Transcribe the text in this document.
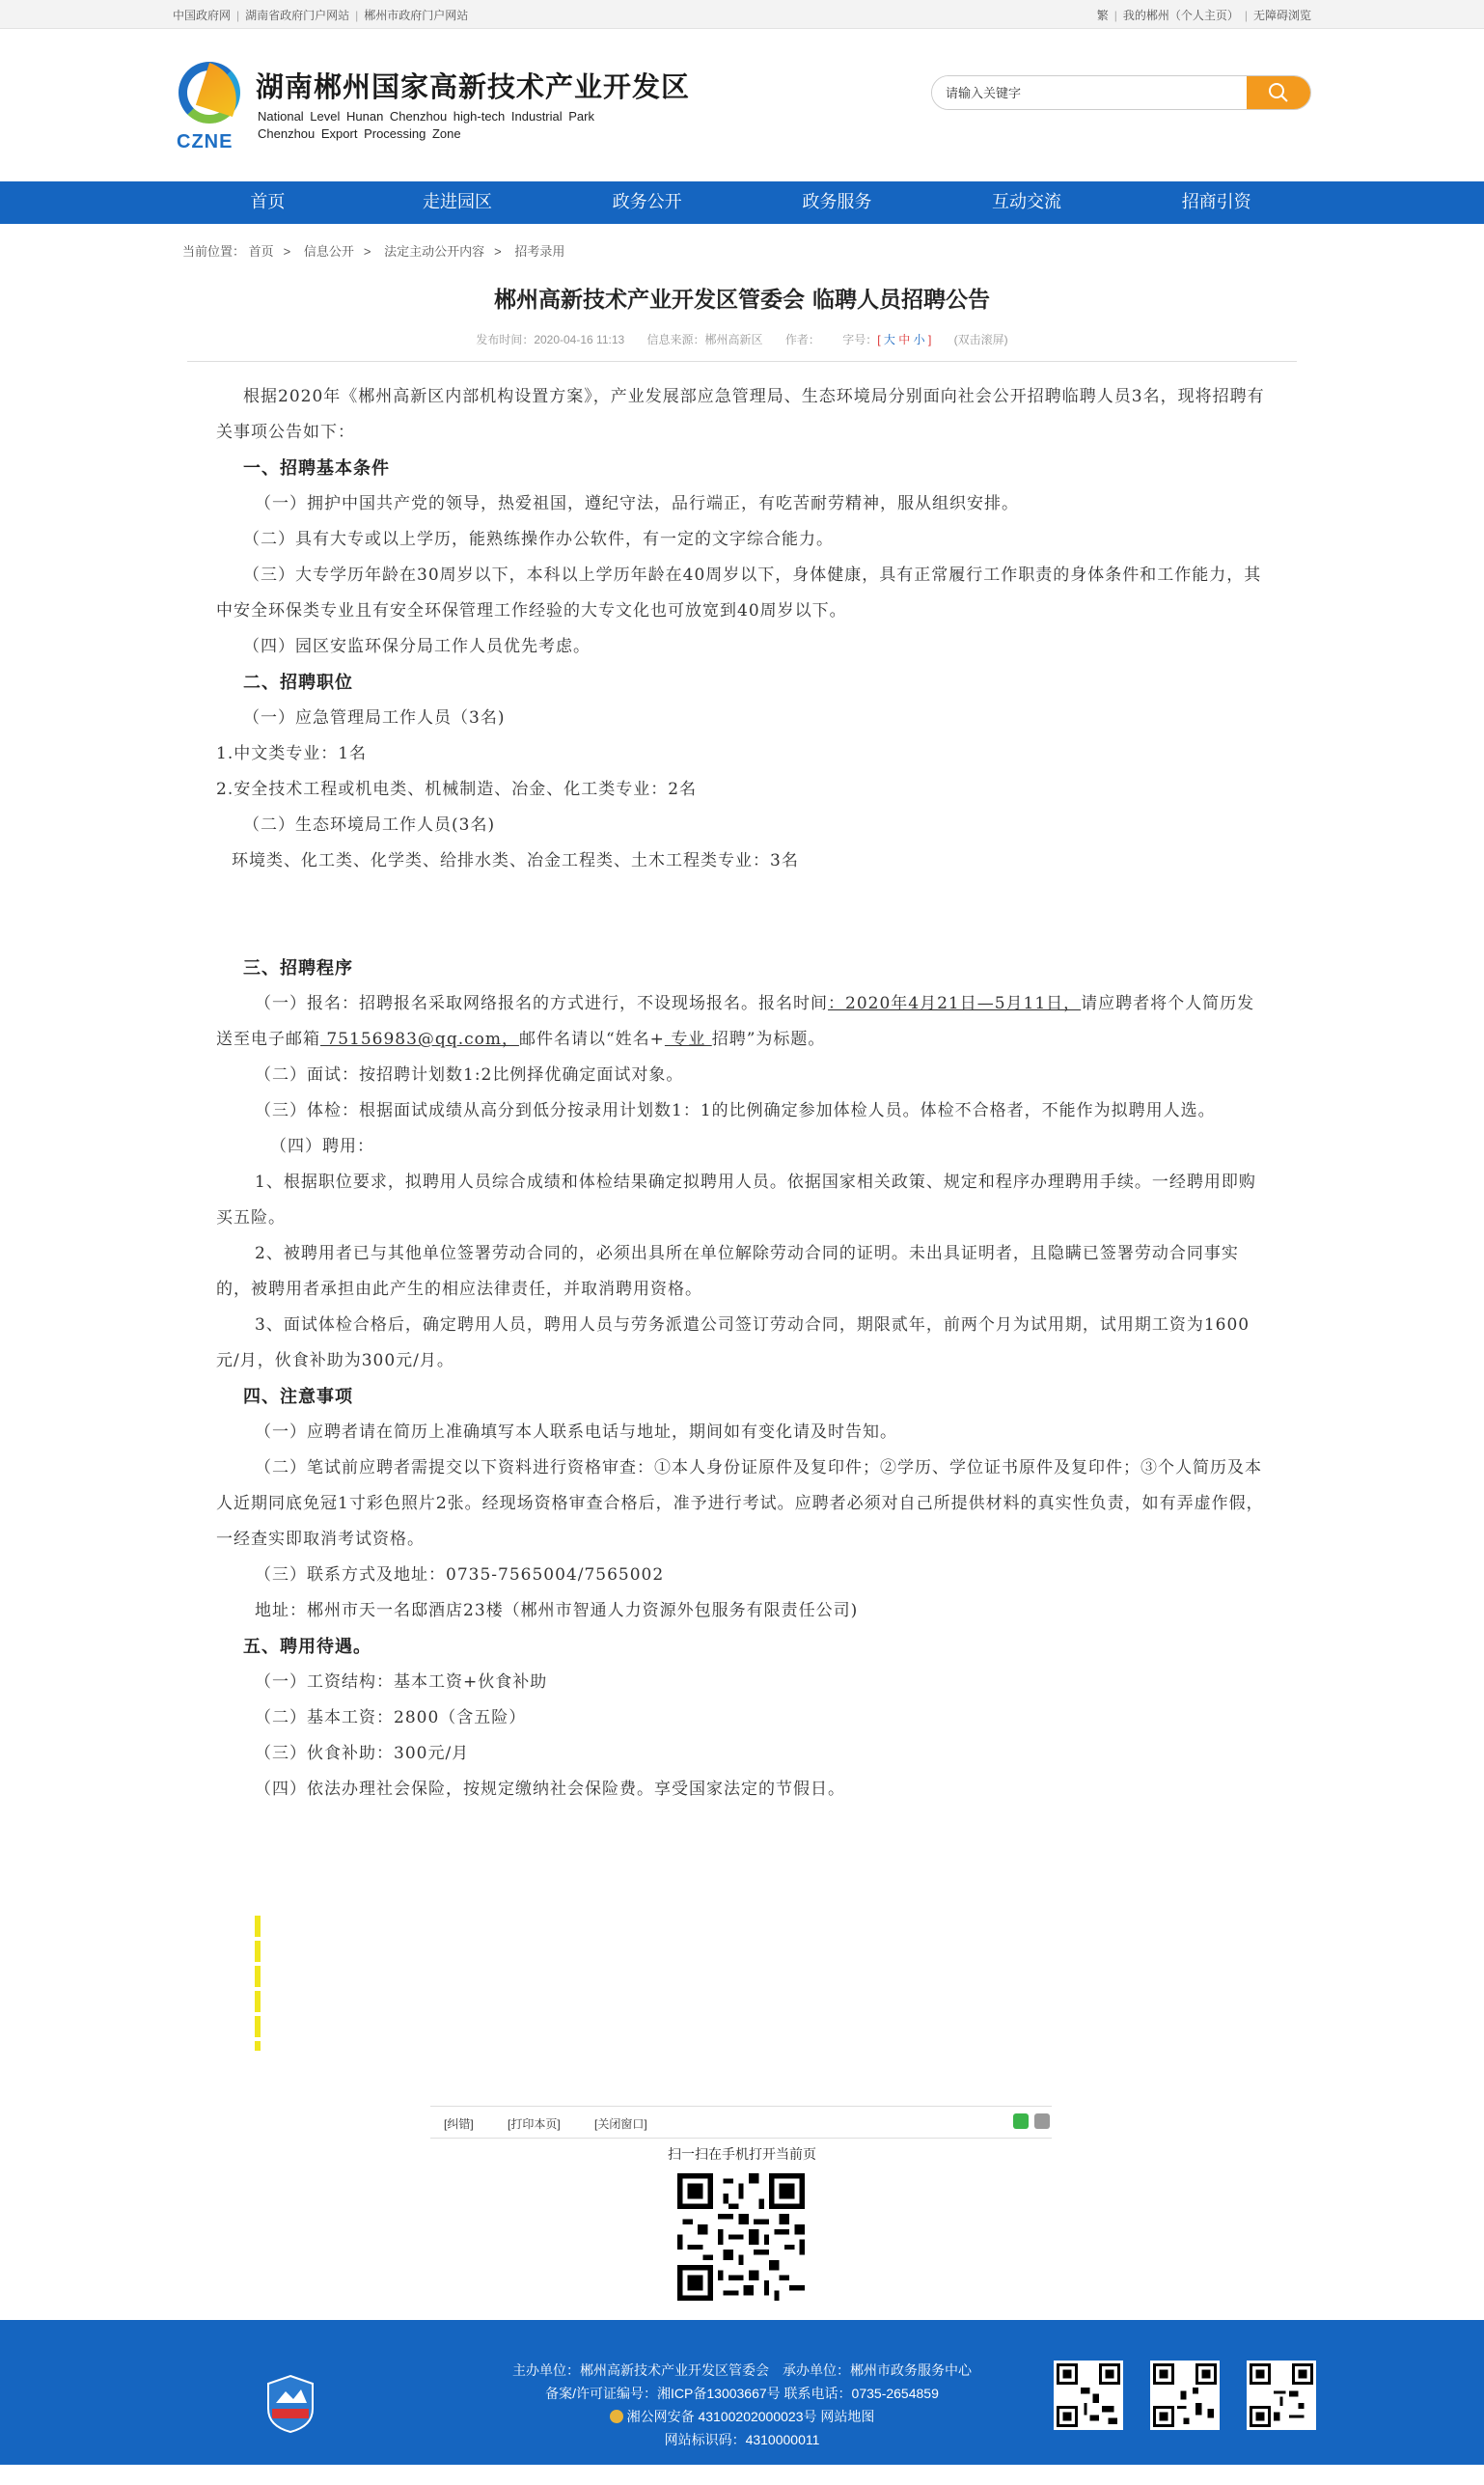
中国政府网 | 湖南省政府门户网站 | 郴州市政府门户网站	繁 | 我的郴州（个人主页） | 无障碍浏览
CZNE
湖南郴州国家高新技术产业开发区
National Level Hunan Chenzhou high-tech Industrial Park
Chenzhou Export Processing Zone
请输入关键字
首页	走进园区	政务公开	政务服务	互动交流	招商引资
当前位置： 首页 > 信息公开 > 法定主动公开内容 > 招考录用
郴州高新技术产业开发区管委会 临聘人员招聘公告
发布时间：2020-04-16 11:13 信息来源：郴州高新区 作者： 字号：[ 大 中 小 ] (双击滚屏)

根据2020年《郴州高新区内部机构设置方案》，产业发展部应急管理局、生态环境局分别面向社会公开招聘临聘人员3名，现将招聘有关事项公告如下：

一、招聘基本条件

（一）拥护中国共产党的领导，热爱祖国，遵纪守法，品行端正，有吃苦耐劳精神，服从组织安排。

（二）具有大专或以上学历，能熟练操作办公软件，有一定的文字综合能力。

（三）大专学历年龄在30周岁以下，本科以上学历年龄在40周岁以下，身体健康，具有正常履行工作职责的身体条件和工作能力，其中安全环保类专业且有安全环保管理工作经验的大专文化也可放宽到40周岁以下。

（四）园区安监环保分局工作人员优先考虑。

二、招聘职位

（一）应急管理局工作人员（3名)

1.中文类专业：1名

2.安全技术工程或机电类、机械制造、冶金、化工类专业：2名

（二）生态环境局工作人员(3名)

环境类、化工类、化学类、给排水类、冶金工程类、土木工程类专业：3名

三、招聘程序

（一）报名：招聘报名采取网络报名的方式进行，不设现场报名。报名时间：2020年4月21日—5月11日，请应聘者将个人简历发送至电子邮箱 75156983@qq.com，邮件名请以“姓名+ 专业 招聘”为标题。

（二）面试：按招聘计划数1:2比例择优确定面试对象。

（三）体检：根据面试成绩从高分到低分按录用计划数1：1的比例确定参加体检人员。体检不合格者，不能作为拟聘用人选。

（四）聘用：

1、根据职位要求，拟聘用人员综合成绩和体检结果确定拟聘用人员。依据国家相关政策、规定和程序办理聘用手续。一经聘用即购买五险。

2、被聘用者已与其他单位签署劳动合同的，必须出具所在单位解除劳动合同的证明。未出具证明者，且隐瞒已签署劳动合同事实的，被聘用者承担由此产生的相应法律责任，并取消聘用资格。

3、面试体检合格后，确定聘用人员，聘用人员与劳务派遣公司签订劳动合同，期限贰年，前两个月为试用期，试用期工资为1600元/月，伙食补助为300元/月。

四、注意事项

（一）应聘者请在简历上准确填写本人联系电话与地址，期间如有变化请及时告知。

（二）笔试前应聘者需提交以下资料进行资格审查：①本人身份证原件及复印件；②学历、学位证书原件及复印件；③个人简历及本人近期同底免冠1寸彩色照片2张。经现场资格审查合格后，准予进行考试。应聘者必须对自己所提供材料的真实性负责，如有弄虚作假，一经查实即取消考试资格。

（三）联系方式及地址：0735-7565004/7565002

地址：郴州市天一名邸酒店23楼（郴州市智通人力资源外包服务有限责任公司)

五、聘用待遇。

（一）工资结构：基本工资+伙食补助

（二）基本工资：2800（含五险）

（三）伙食补助：300元/月

（四）依法办理社会保险，按规定缴纳社会保险费。享受国家法定的节假日。

[纠错]	[打印本页]	[关闭窗口]
扫一扫在手机打开当前页
主办单位：郴州高新技术产业开发区管委会　承办单位：郴州市政务服务中心
备案/许可证编号：湘ICP备13003667号 联系电话：0735-2654859
湘公网安备 43100202000023号 网站地图
网站标识码：4310000011
